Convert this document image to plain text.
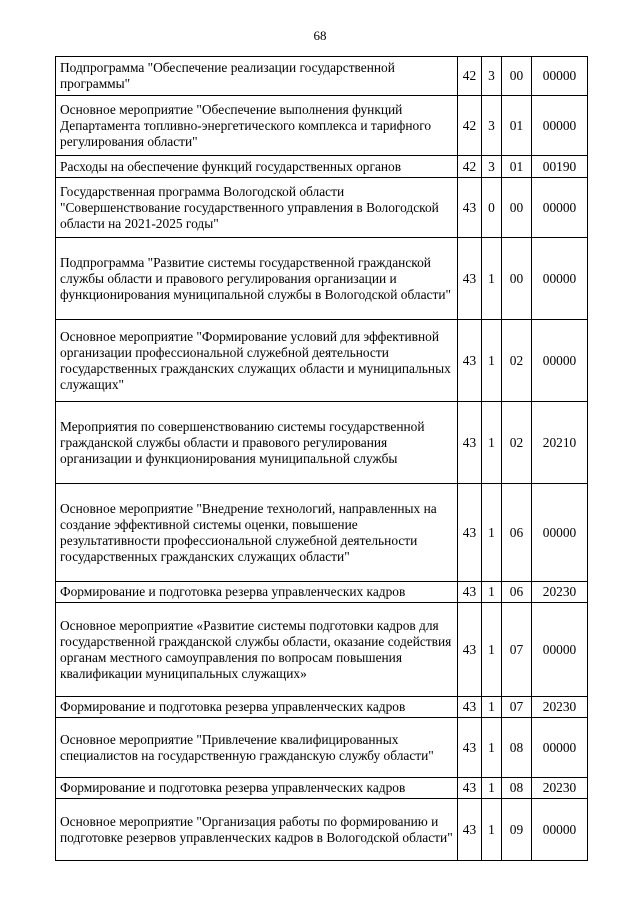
68
Подпрограмма "Обеспечение реализации государственной программы"	42	3	00	00000
Основное мероприятие "Обеспечение выполнения функций Департамента топливно-энергетического комплекса и тарифного регулирования области"	42	3	01	00000
Расходы на обеспечение функций государственных органов	42	3	01	00190
Государственная программа Вологодской области "Совершенствование государственного управления в Вологодской области на 2021-2025 годы"	43	0	00	00000
Подпрограмма "Развитие системы государственной гражданской службы области и правового регулирования организации и функционирования муниципальной службы в Вологодской области"	43	1	00	00000
Основное мероприятие "Формирование условий для эффективной организации профессиональной служебной деятельности государственных гражданских служащих области и муниципальных служащих"	43	1	02	00000
Мероприятия по совершенствованию системы государственной гражданской службы области и правового регулирования организации и функционирования муниципальной службы	43	1	02	20210
Основное мероприятие "Внедрение технологий, направленных на создание эффективной системы оценки, повышение результативности профессиональной служебной деятельности государственных гражданских служащих области"	43	1	06	00000
Формирование и подготовка резерва управленческих кадров	43	1	06	20230
Основное мероприятие «Развитие системы подготовки кадров для государственной гражданской службы области, оказание содействия органам местного самоуправления по вопросам повышения квалификации муниципальных служащих»	43	1	07	00000
Формирование и подготовка резерва управленческих кадров	43	1	07	20230
Основное мероприятие "Привлечение квалифицированных специалистов на государственную гражданскую службу области"	43	1	08	00000
Формирование и подготовка резерва управленческих кадров	43	1	08	20230
Основное мероприятие "Организация работы по формированию и подготовке резервов управленческих кадров в Вологодской области"	43	1	09	00000
